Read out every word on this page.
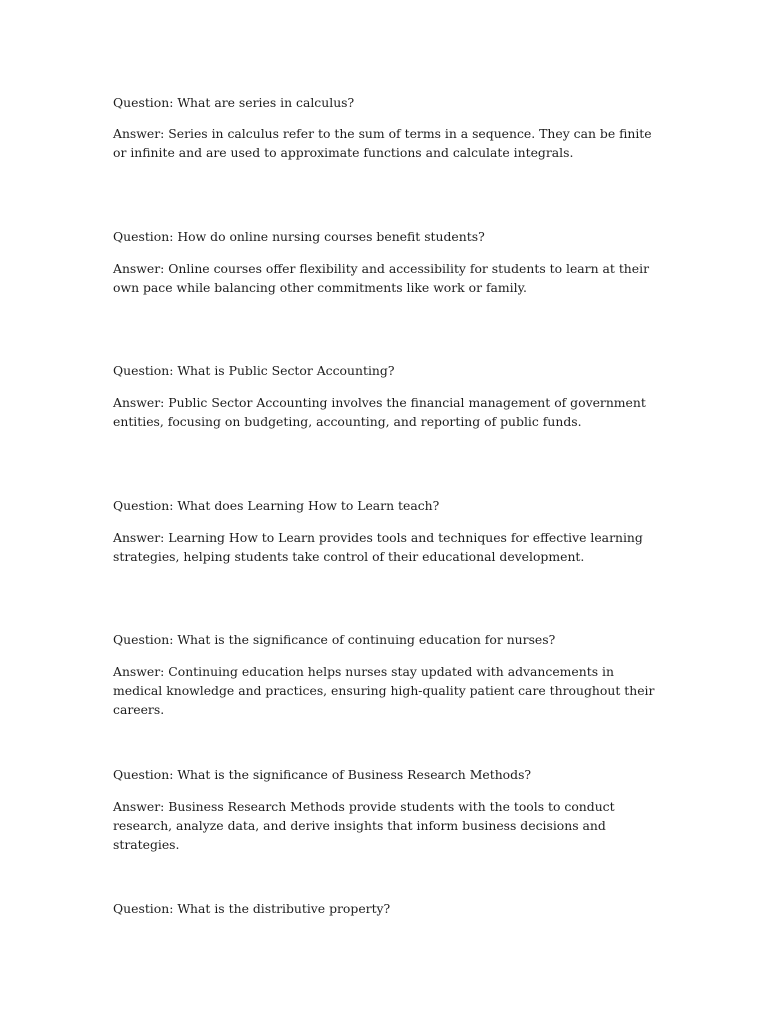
Question: What are series in calculus?

Answer: Series in calculus refer to the sum of terms in a sequence. They can be finite or infinite and are used to approximate functions and calculate integrals.

Question: How do online nursing courses benefit students?

Answer: Online courses offer flexibility and accessibility for students to learn at their own pace while balancing other commitments like work or family.

Question: What is Public Sector Accounting?

Answer: Public Sector Accounting involves the financial management of government entities, focusing on budgeting, accounting, and reporting of public funds.

Question: What does Learning How to Learn teach?

Answer: Learning How to Learn provides tools and techniques for effective learning strategies, helping students take control of their educational development.

Question: What is the significance of continuing education for nurses?

Answer: Continuing education helps nurses stay updated with advancements in medical knowledge and practices, ensuring high-quality patient care throughout their careers.

Question: What is the significance of Business Research Methods?

Answer: Business Research Methods provide students with the tools to conduct research, analyze data, and derive insights that inform business decisions and strategies.

Question: What is the distributive property?
